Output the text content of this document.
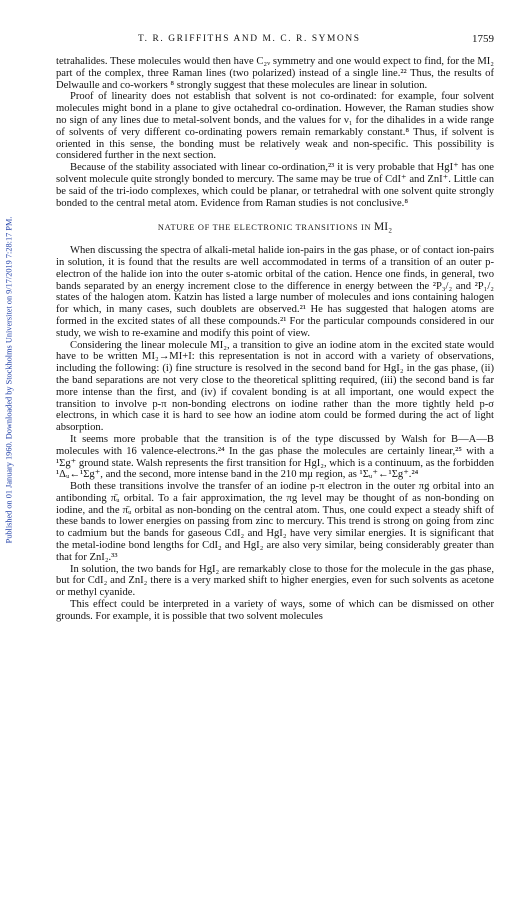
Published on 01 January 1960. Downloaded by Stockholms Universitet on 9/17/2019 7:28:17 PM.
T. R. GRIFFITHS AND M. C. R. SYMONS	1759

tetrahalides. These molecules would then have C₂ᵥ symmetry and one would expect to find, for the MI₂ part of the complex, three Raman lines (two polarized) instead of a single line.²² Thus, the results of Delwaulle and co-workers ⁸ strongly suggest that these molecules are linear in solution.

Proof of linearity does not establish that solvent is not co-ordinated: for example, four solvent molecules might bond in a plane to give octahedral co-ordination. However, the Raman studies show no sign of any lines due to metal-solvent bonds, and the values for ν₁ for the dihalides in a wide range of solvents of very different co-ordinating powers remain remarkably constant.⁸ Thus, if solvent is oriented in this sense, the bonding must be relatively weak and non-specific. This possibility is considered further in the next section.

Because of the stability associated with linear co-ordination,²³ it is very probable that HgI⁺ has one solvent molecule quite strongly bonded to mercury. The same may be true of CdI⁺ and ZnI⁺. Little can be said of the tri-iodo complexes, which could be planar, or tetrahedral with one solvent quite strongly bonded to the central metal atom. Evidence from Raman studies is not conclusive.⁸

NATURE OF THE ELECTRONIC TRANSITIONS IN MI₂

When discussing the spectra of alkali-metal halide ion-pairs in the gas phase, or of contact ion-pairs in solution, it is found that the results are well accommodated in terms of a transition of an outer p-electron of the halide ion into the outer s-atomic orbital of the cation. Hence one finds, in general, two bands separated by an energy increment close to the difference in energy between the ²P₃/₂ and ²P₁/₂ states of the halogen atom. Katzin has listed a large number of molecules and ions containing halogen for which, in many cases, such doublets are observed.²¹ He has suggested that halogen atoms are formed in the excited states of all these compounds.²¹ For the particular compounds considered in our study, we wish to re-examine and modify this point of view.

Considering the linear molecule MI₂, a transition to give an iodine atom in the excited state would have to be written MI₂→MI+I: this representation is not in accord with a variety of observations, including the following: (i) fine structure is resolved in the second band for HgI₂ in the gas phase, (ii) the band separations are not very close to the theoretical splitting required, (iii) the second band is far more intense than the first, and (iv) if covalent bonding is at all important, one would expect the transition to involve p-π non-bonding electrons on iodine rather than the more tightly held p-σ electrons, in which case it is hard to see how an iodine atom could be formed during the act of light absorption.

It seems more probable that the transition is of the type discussed by Walsh for B—A—B molecules with 16 valence-electrons.²⁴ In the gas phase the molecules are certainly linear,²⁵ with a ¹Σg⁺ ground state. Walsh represents the first transition for HgI₂, which is a continuum, as the forbidden ¹Δᵤ←¹Σg⁺, and the second, more intense band in the 210 mμ region, as ¹Σᵤ⁺←¹Σg⁺.²⁴

Both these transitions involve the transfer of an iodine p-π electron in the outer πg orbital into an antibonding π̄ᵤ orbital. To a fair approximation, the πg level may be thought of as non-bonding on iodine, and the π̄ᵤ orbital as non-bonding on the central atom. Thus, one could expect a steady shift of these bands to lower energies on passing from zinc to mercury. This trend is strong on going from zinc to cadmium but the bands for gaseous CdI₂ and HgI₂ have very similar energies. It is significant that the metal-iodine bond lengths for CdI₂ and HgI₂ are also very similar, being considerably greater than that for ZnI₂.³³

In solution, the two bands for HgI₂ are remarkably close to those for the molecule in the gas phase, but for CdI₂ and ZnI₂ there is a very marked shift to higher energies, even for such solvents as acetone or methyl cyanide.

This effect could be interpreted in a variety of ways, some of which can be dismissed on other grounds. For example, it is possible that two solvent molecules
